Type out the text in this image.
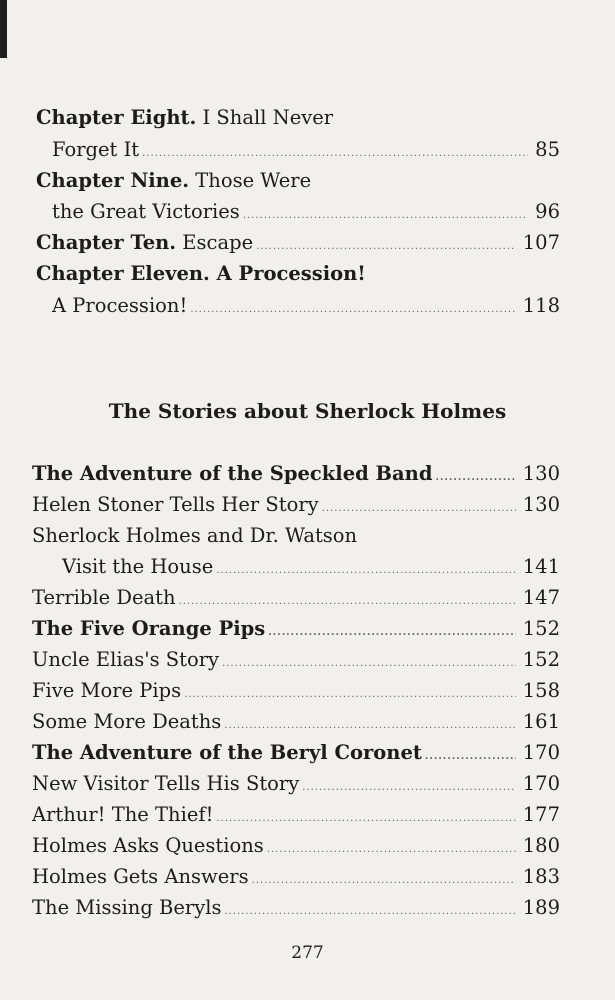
Chapter Eight. I Shall Never
Forget It .....	85
Chapter Nine. Those Were
the Great Victories .....	96
Chapter Ten. Escape .....	107
Chapter Eleven. A Procession!
A Procession! .....	118
The Stories about Sherlock Holmes
The Adventure of the Speckled Band .....	130
Helen Stoner Tells Her Story .....	130
Sherlock Holmes and Dr. Watson
Visit the House .....	141
Terrible Death .....	147
The Five Orange Pips .....	152
Uncle Elias's Story .....	152
Five More Pips .....	158
Some More Deaths .....	161
The Adventure of the Beryl Coronet .....	170
New Visitor Tells His Story .....	170
Arthur! The Thief! .....	177
Holmes Asks Questions .....	180
Holmes Gets Answers .....	183
The Missing Beryls .....	189
277
